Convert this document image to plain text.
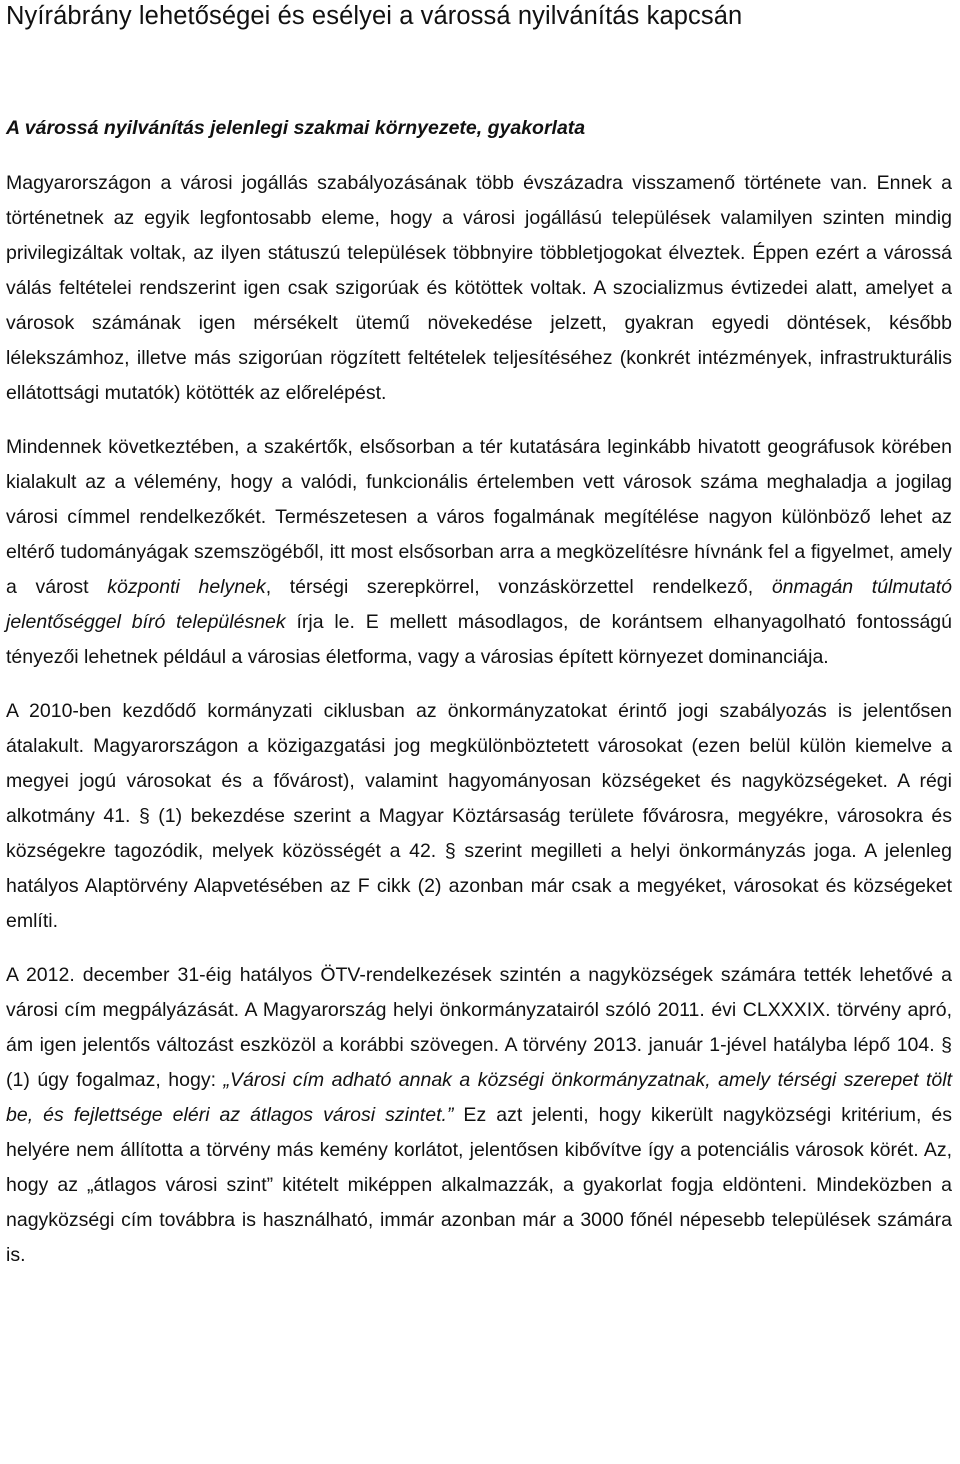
Nyírábrány lehetőségei és esélyei a várossá nyilvánítás kapcsán
A várossá nyilvánítás jelenlegi szakmai környezete, gyakorlata

Magyarországon a városi jogállás szabályozásának több évszázadra visszamenő története van. Ennek a történetnek az egyik legfontosabb eleme, hogy a városi jogállású települések valamilyen szinten mindig privilegizáltak voltak, az ilyen státuszú települések többnyire többletjogokat élveztek. Éppen ezért a várossá válás feltételei rendszerint igen csak szigorúak és kötöttek voltak. A szocializmus évtizedei alatt, amelyet a városok számának igen mérsékelt ütemű növekedése jelzett, gyakran egyedi döntések, később lélekszámhoz, illetve más szigorúan rögzített feltételek teljesítéséhez (konkrét intézmények, infrastrukturális ellátottsági mutatók) kötötték az előrelépést.

Mindennek következtében, a szakértők, elsősorban a tér kutatására leginkább hivatott geográfusok körében kialakult az a vélemény, hogy a valódi, funkcionális értelemben vett városok száma meghaladja a jogilag városi címmel rendelkezőkét. Természetesen a város fogalmának megítélése nagyon különböző lehet az eltérő tudományágak szemszögéből, itt most elsősorban arra a megközelítésre hívnánk fel a figyelmet, amely a várost központi helynek, térségi szerepkörrel, vonzáskörzettel rendelkező, önmagán túlmutató jelentőséggel bíró településnek írja le. E mellett másodlagos, de korántsem elhanyagolható fontosságú tényezői lehetnek például a városias életforma, vagy a városias épített környezet dominanciája.

A 2010-ben kezdődő kormányzati ciklusban az önkormányzatokat érintő jogi szabályozás is jelentősen átalakult. Magyarországon a közigazgatási jog megkülönböztetett városokat (ezen belül külön kiemelve a megyei jogú városokat és a fővárost), valamint hagyományosan községeket és nagyközségeket. A régi alkotmány 41. § (1) bekezdése szerint a Magyar Köztársaság területe fővárosra, megyékre, városokra és községekre tagozódik, melyek közösségét a 42. § szerint megilleti a helyi önkormányzás joga. A jelenleg hatályos Alaptörvény Alapvetésében az F cikk (2) azonban már csak a megyéket, városokat és községeket említi.

A 2012. december 31-éig hatályos ÖTV-rendelkezések szintén a nagyközségek számára tették lehetővé a városi cím megpályázását. A Magyarország helyi önkormányzatairól szóló 2011. évi CLXXXIX. törvény apró, ám igen jelentős változást eszközöl a korábbi szövegen. A törvény 2013. január 1-jével hatályba lépő 104. § (1) úgy fogalmaz, hogy: „Városi cím adható annak a községi önkormányzatnak, amely térségi szerepet tölt be, és fejlettsége eléri az átlagos városi szintet.” Ez azt jelenti, hogy kikerült nagyközségi kritérium, és helyére nem állította a törvény más kemény korlátot, jelentősen kibővítve így a potenciális városok körét. Az, hogy az „átlagos városi szint” kitételt miképpen alkalmazzák, a gyakorlat fogja eldönteni. Mindeközben a nagyközségi cím továbbra is használható, immár azonban már a 3000 főnél népesebb települések számára is.
